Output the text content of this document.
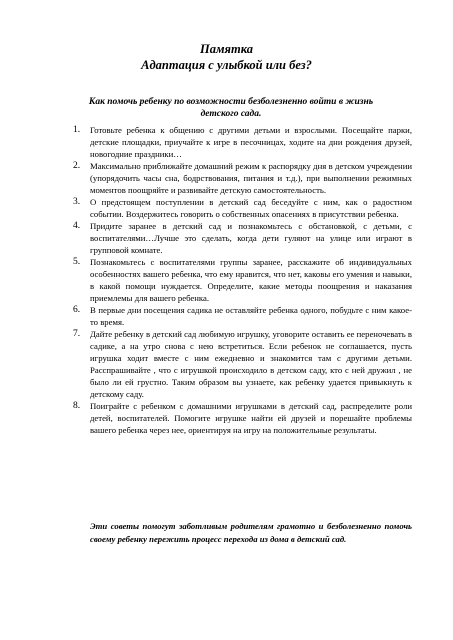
Памятка

Адаптация с улыбкой или без?

Как помочь ребенку по возможности безболезненно войти в жизнь детского сада.

1. Готовьте ребенка к общению с другими детьми и взрослыми. Посещайте парки, детские площадки, приучайте к игре в песочницах, ходите на дни рождения друзей, новогодние праздники…
2. Максимально приближайте домашний режим к распорядку дня в детском учреждении (упорядочить часы сна, бодрствования, питания и т.д.), при выполнении режимных моментов поощряйте и развивайте детскую самостоятельность.
3. О предстоящем поступлении в детский сад беседуйте с ним, как о радостном событии. Воздержитесь говорить о собственных опасениях в присутствии ребенка.
4. Придите заранее в детский сад и познакомьтесь с обстановкой, с детьми, с воспитателями…Лучше это сделать, когда дети гуляют на улице или играют в групповой комнате.
5. Познакомьтесь с воспитателями группы заранее, расскажите об индивидуальных особенностях вашего ребенка, что ему нравится, что нет, каковы его умения и навыки, в какой помощи нуждается. Определите, какие методы поощрения и наказания приемлемы для вашего ребенка.
6. В первые дни посещения садика не оставляйте ребенка одного, побудьте с ним какое-то время.
7. Дайте ребенку в детский сад любимую игрушку, уговорите оставить ее переночевать в садике, а на утро снова с нею встретиться. Если ребенок не соглашается, пусть игрушка ходит вместе с ним ежедневно и знакомится там с другими детьми. Расспрашивайте , что с игрушкой происходило в детском саду, кто с ней дружил , не было ли ей грустно. Таким образом вы узнаете, как ребенку удается привыкнуть к детскому саду.
8. Поиграйте с ребенком с домашними игрушками в детский сад, распределите роли детей, воспитателей. Помогите игрушке найти ей друзей и порешайте проблемы вашего ребенка через нее, ориентируя на игру на положительные результаты.

Эти советы помогут заботливым родителям грамотно и безболезненно помочь своему ребенку пережить процесс перехода из дома в детский сад.
